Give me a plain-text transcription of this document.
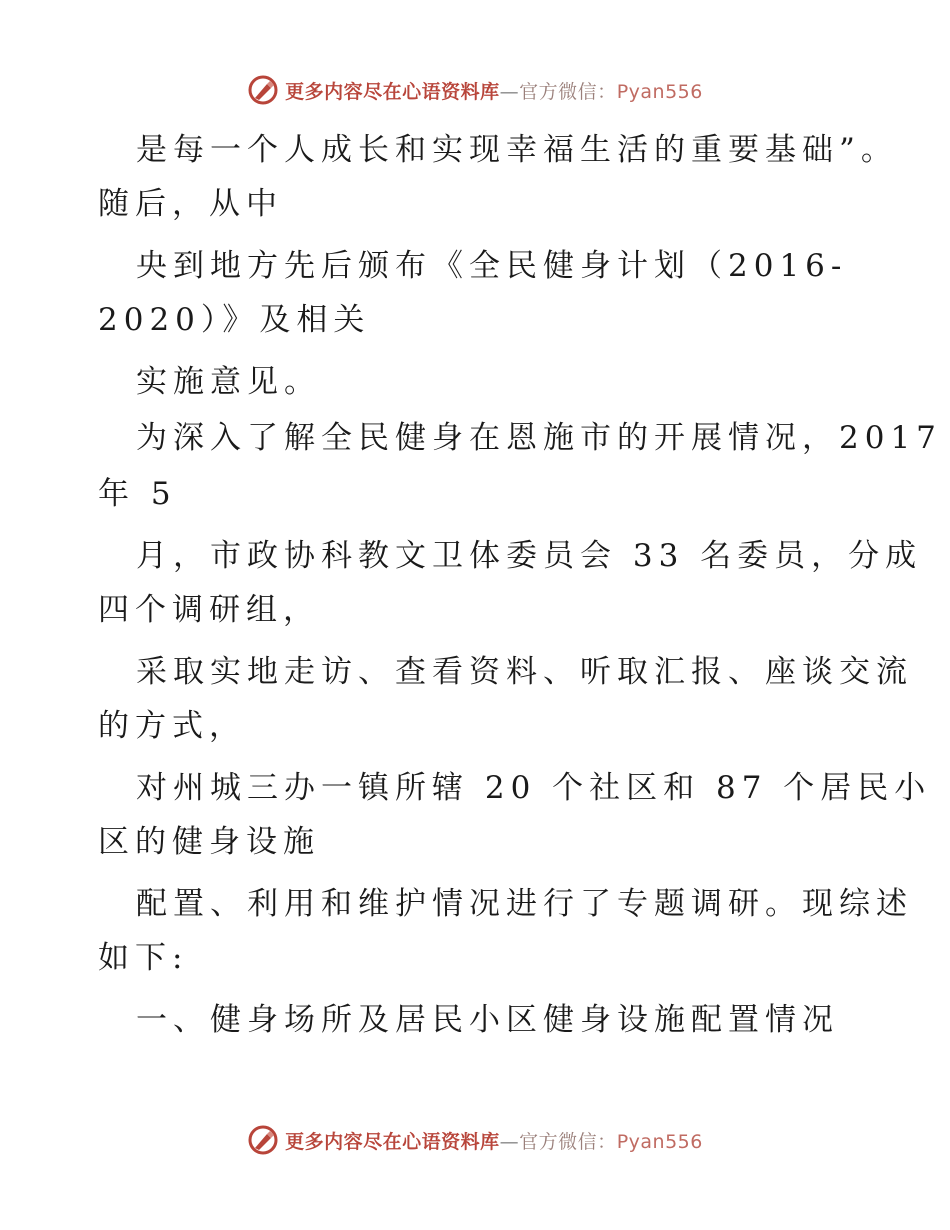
更多内容尽在心语资料库—官方微信：Pyan556
是每一个人成长和实现幸福生活的重要基础”。
随后，从中
央到地方先后颁布《全民健身计划（2016-
2020）》及相关
实施意见。
为深入了解全民健身在恩施市的开展情况，2017
年 5
月，市政协科教文卫体委员会 33 名委员，分成
四个调研组，
采取实地走访、查看资料、听取汇报、座谈交流
的方式，
对州城三办一镇所辖 20 个社区和 87 个居民小
区的健身设施
配置、利用和维护情况进行了专题调研。现综述
如下:
一、健身场所及居民小区健身设施配置情况
更多内容尽在心语资料库—官方微信：Pyan556
